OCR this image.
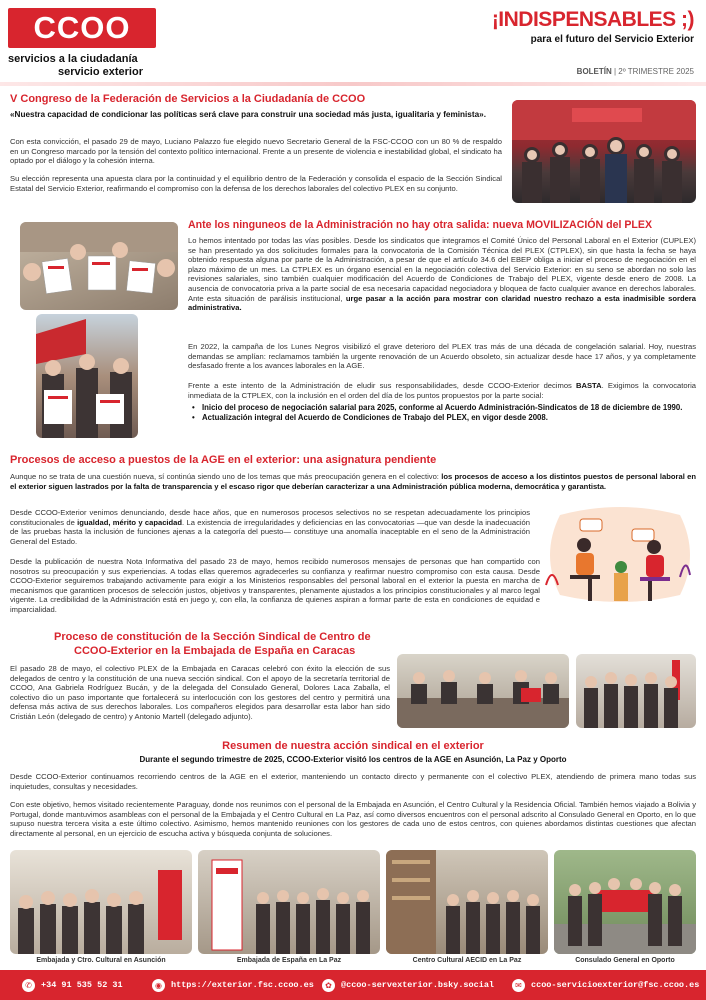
CCOO
servicios a la ciudadanía
servicio exterior
¡INDISPENSABLES ;)
para el futuro del Servicio Exterior
BOLETÍN | 2º TRIMESTRE 2025
V Congreso de la Federación de Servicios a la Ciudadanía de CCOO
«Nuestra capacidad de condicionar las políticas será clave para construir una sociedad más justa, igualitaria y feminista».
Con esta convicción, el pasado 29 de mayo, Luciano Palazzo fue elegido nuevo Secretario General de la FSC-CCOO con un 80 % de respaldo en un Congreso marcado por la tensión del contexto político internacional. Frente a un presente de violencia e inestabilidad global, el sindicato ha optado por el diálogo y la cohesión interna.
Su elección representa una apuesta clara por la continuidad y el equilibrio dentro de la Federación y consolida el espacio de la Sección Sindical Estatal del Servicio Exterior, reafirmando el compromiso con la defensa de los derechos laborales del colectivo PLEX en su conjunto.
Ante los ninguneos de la Administración no hay otra salida: nueva MOVILIZACIÓN del PLEX
Lo hemos intentado por todas las vías posibles. Desde los sindicatos que integramos el Comité Único del Personal Laboral en el Exterior (CUPLEX) se han presentado ya dos solicitudes formales para la convocatoria de la Comisión Técnica del PLEX (CTPLEX), sin que hasta la fecha se haya obtenido respuesta alguna por parte de la Administración, a pesar de que el artículo 34.6 del EBEP obliga a iniciar el proceso de negociación en el plazo máximo de un mes. La CTPLEX es un órgano esencial en la negociación colectiva del Servicio Exterior: en su seno se abordan no solo las revisiones salariales, sino también cualquier modificación del Acuerdo de Condiciones de Trabajo del PLEX, vigente desde enero de 2008. La ausencia de convocatoria priva a la parte social de esa necesaria capacidad negociadora y bloquea de facto cualquier avance en derechos laborales. Ante esta situación de parálisis institucional, urge pasar a la acción para mostrar con claridad nuestro rechazo a esta inadmisible sordera administrativa.
En 2022, la campaña de los Lunes Negros visibilizó el grave deterioro del PLEX tras más de una década de congelación salarial. Hoy, nuestras demandas se amplían: reclamamos también la urgente renovación de un Acuerdo obsoleto, sin actualizar desde hace 17 años, y ya completamente desfasado frente a los avances laborales en la AGE.
Frente a este intento de la Administración de eludir sus responsabilidades, desde CCOO-Exterior decimos BASTA. Exigimos la convocatoria inmediata de la CTPLEX, con la inclusión en el orden del día de los puntos propuestos por la parte social:
• Inicio del proceso de negociación salarial para 2025, conforme al Acuerdo Administración-Sindicatos de 18 de diciembre de 1990.
• Actualización integral del Acuerdo de Condiciones de Trabajo del PLEX, en vigor desde 2008.
Procesos de acceso a puestos de la AGE en el exterior: una asignatura pendiente
Aunque no se trata de una cuestión nueva, sí continúa siendo uno de los temas que más preocupación genera en el colectivo: los procesos de acceso a los distintos puestos de personal laboral en el exterior siguen lastrados por la falta de transparencia y el escaso rigor que deberían caracterizar a una Administración pública moderna, democrática y garantista.
Desde CCOO-Exterior venimos denunciando, desde hace años, que en numerosos procesos selectivos no se respetan adecuadamente los principios constitucionales de igualdad, mérito y capacidad. La existencia de irregularidades y deficiencias en las convocatorias —que van desde la inadecuación de las pruebas hasta la inclusión de funciones ajenas a la categoría del puesto— constituye una anomalía inaceptable en el seno de la Administración General del Estado.
Desde la publicación de nuestra Nota Informativa del pasado 23 de mayo, hemos recibido numerosos mensajes de personas que han compartido con nosotros su preocupación y sus experiencias. A todas ellas queremos agradecerles su confianza y reafirmar nuestro compromiso con esta causa. Desde CCOO-Exterior seguiremos trabajando activamente para exigir a los Ministerios responsables del personal laboral en el exterior la puesta en marcha de mecanismos que garanticen procesos de selección justos, objetivos y transparentes, plenamente ajustados a los principios constitucionales y al marco legal vigente. La credibilidad de la Administración está en juego y, con ella, la confianza de quienes aspiran a formar parte de esta en condiciones de equidad e imparcialidad.
Proceso de constitución de la Sección Sindical de Centro de
CCOO-Exterior en la Embajada de España en Caracas
El pasado 28 de mayo, el colectivo PLEX de la Embajada en Caracas celebró con éxito la elección de sus delegados de centro y la constitución de una nueva sección sindical. Con el apoyo de la secretaría territorial de CCOO, Ana Gabriela Rodríguez Bucán, y de la delegada del Consulado General, Dolores Laca Zaballa, el colectivo dio un paso importante que fortalecerá su interlocución con los gestores del centro y permitirá una defensa más activa de sus derechos laborales. Los compañeros elegidos para desarrollar esta labor han sido Cristián León (delegado de centro) y Antonio Martell (delegado adjunto).
Resumen de nuestra acción sindical en el exterior
Durante el segundo trimestre de 2025, CCOO-Exterior visitó los centros de la AGE en Asunción, La Paz y Oporto
Desde CCOO-Exterior continuamos recorriendo centros de la AGE en el exterior, manteniendo un contacto directo y permanente con el colectivo PLEX, atendiendo de primera mano todas sus inquietudes, consultas y necesidades.
Con este objetivo, hemos visitado recientemente Paraguay, donde nos reunimos con el personal de la Embajada en Asunción, el Centro Cultural y la Residencia Oficial. También hemos viajado a Bolivia y Portugal, donde mantuvimos asambleas con el personal de la Embajada y el Centro Cultural en La Paz, así como diversos encuentros con el personal adscrito al Consulado General en Oporto, en lo que supuso nuestra tercera visita a este último colectivo. Asimismo, hemos mantenido reuniones con los gestores de cada uno de estos centros, con quienes abordamos distintas cuestiones que afectan directamente al personal, en un ejercicio de escucha activa y búsqueda conjunta de soluciones.
Embajada y Ctro. Cultural en Asunción	Embajada de España en La Paz	Centro Cultural AECID en La Paz	Consulado General en Oporto
✆	+34 91 535 52 31	◉	https://exterior.fsc.ccoo.es	✿	@ccoo-servexterior.bsky.social	✉	ccoo-servicioexterior@fsc.ccoo.es
